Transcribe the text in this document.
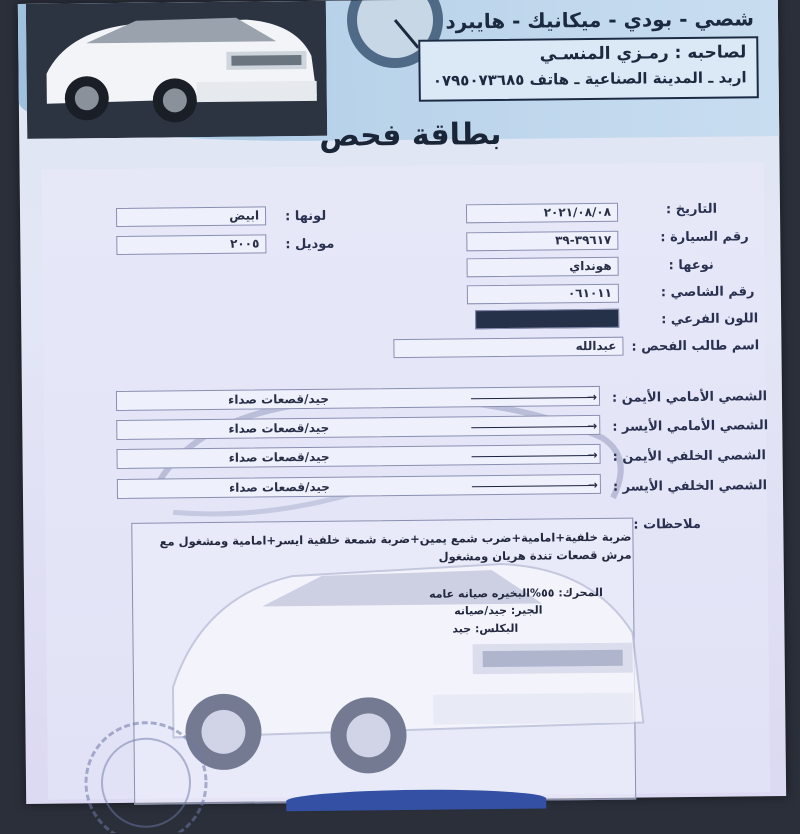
شصي - بودي - ميكانيك - هايبرد
لصاحبه : رمـزي المنسـي
اربد ـ المدينة الصناعية ـ هاتف ٠٧٩٥٠٧٣٦٨٥
بطاقة فحص
لونها :
ابيض
موديل :
٢٠٠٥
التاريخ :
٢٠٢١/٠٨/٠٨
رقم السيارة :
٣٩٦١٧-٣٩
نوعها :
هونداي
رقم الشاصي :
٠٦١٠١١
اللون الفرعي :
اسم طالب الفحص :
عبدالله
الشصي الأمامي الأيمن :
جيد/قصعات صداء	→
الشصي الأمامي الأيسر :
جيد/قصعات صداء	→
الشصي الخلفي الأيمن :
جيد/قصعات صداء	→
الشصي الخلفي الأيسر :
جيد/قصعات صداء	→
ملاحظات :
ضربة خلفية+امامية+ضرب شمع يمين+ضربة شمعة خلفية ايسر+امامية ومشغول مع
مرش قصعات تندة هريان ومشغول
المحرك: ٥٥%البخيره صيانه عامه
الجير: جيد/صيانه
البكلس: جيد
